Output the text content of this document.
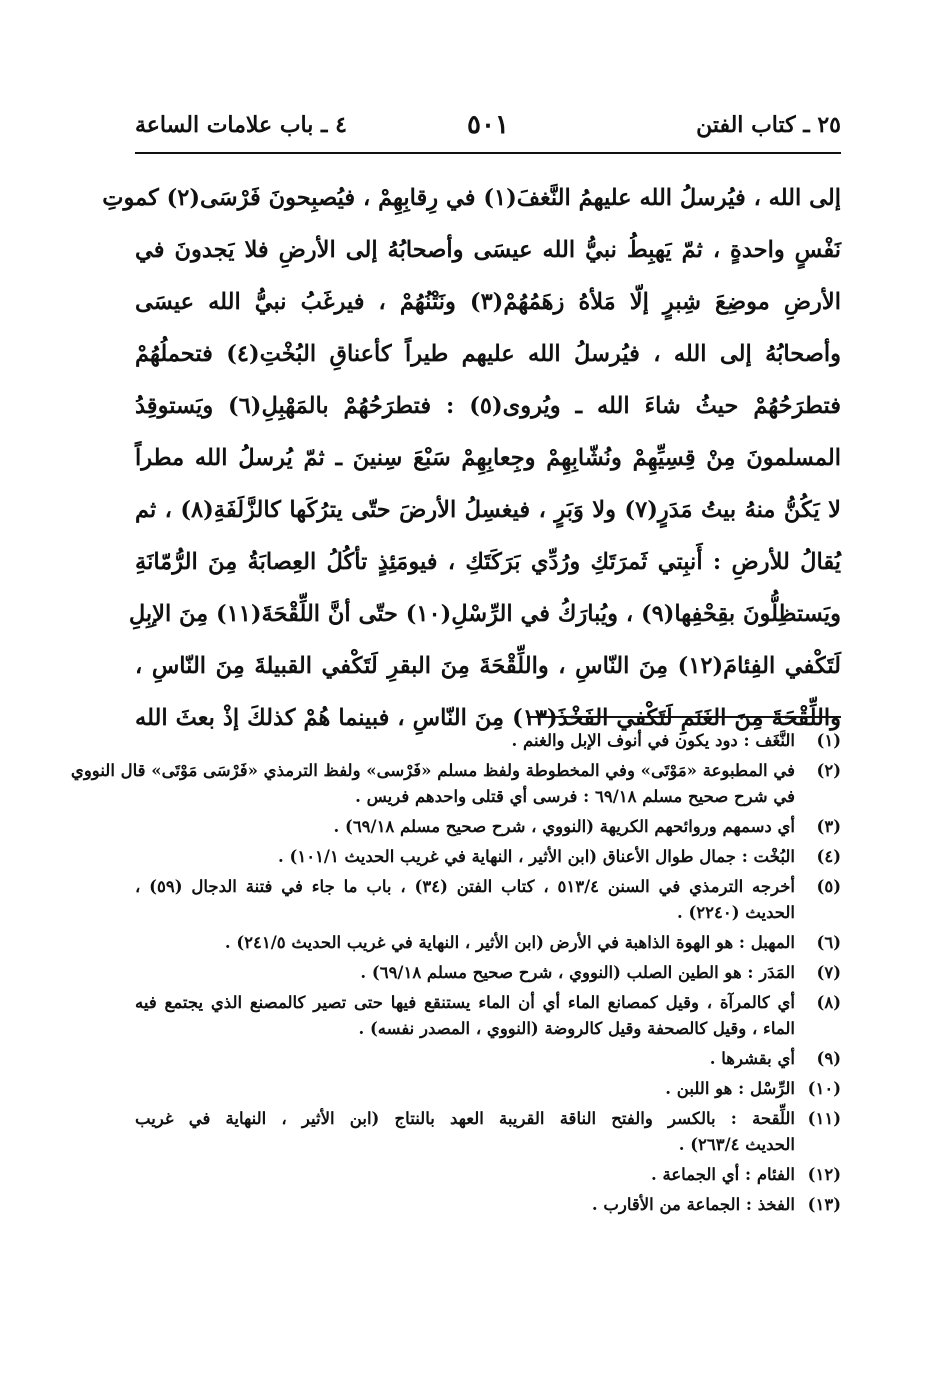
٢٥ ـ كتاب الفتن
٥٠١
٤ ـ باب علامات الساعة
إلى الله ، فيُرسلُ الله عليهمُ النَّغفَ(١) في رِقابِهِمْ ، فيُصبِحونَ فَرْسَى(٢) كموتِ
نَفْسٍ واحدةٍ ، ثمّ يَهبِطُ نبيُّ الله عيسَى وأصحابُهُ إلى الأرضِ فلا يَجدونَ في
الأرضِ موضِعَ شِبرٍ إلّا مَلأهُ زهَمُهُمْ(٣) ونَتْنُهُمْ ، فيرغَبُ نبيُّ الله عيسَى
وأصحابُهُ إلى الله ، فيُرسلُ الله عليهم طيراً كأعناقِ البُخْتِ(٤) فتحملُهُمْ
فتطرَحُهُمْ حيثُ شاءَ الله ـ ويُروى(٥) : فتطرَحُهُمْ بالمَهْبِلِ(٦) ويَستوقِدُ
المسلمونَ مِنْ قِسِيِّهِمْ ونُشّابِهِمْ وجِعابِهِمْ سَبْعَ سِنينَ ـ ثمّ يُرسلُ الله مطراً
لا يَكُنُّ منهُ بيتُ مَدَرٍ(٧) ولا وَبَرٍ ، فيغسِلُ الأرضَ حتّى يترُكَها كالزَّلَفَةِ(٨) ، ثم
يُقالُ للأرضِ : أَنبِتي ثَمرَتَكِ ورُدِّي بَرَكَتَكِ ، فيومَئِذٍ تأكُلُ العِصابَةُ مِنَ الرُّمّانَةِ
ويَستظِلُّونَ بقِحْفِها(٩) ، ويُبارَكُ في الرِّسْلِ(١٠) حتّى أنَّ اللِّقْحَةَ(١١) مِنَ الإبِلِ
لَتَكْفي الفِئامَ(١٢) مِنَ النّاسِ ، واللِّقْحَةَ مِنَ البقرِ لَتَكْفي القبيلةَ مِنَ النّاسِ ،
واللِّقْحَةَ مِنَ الغَنَمِ لَتَكْفي الفَخْذَ(١٣) مِنَ النّاسِ ، فبينما هُمْ كذلكَ إذْ بعثَ الله
(١)
النَّغَف : دود يكون في أنوف الإبل والغنم .
(٢)
في المطبوعة «مَوْتَى» وفي المخطوطة ولفظ مسلم «فَرْسى» ولفظ الترمذي «فَرْسَى مَوْتَى» قال النووي
في شرح صحيح مسلم ٦٩/١٨ : فرسى أي قتلى واحدهم فريس .
(٣)
أي دسمهم وروائحهم الكريهة (النووي ، شرح صحيح مسلم ٦٩/١٨) .
(٤)
البُخْت : جمال طوال الأعناق (ابن الأثير ، النهاية في غريب الحديث ١٠١/١) .
(٥)
أخرجه الترمذي في السنن ٥١٣/٤ ، كتاب الفتن (٣٤) ، باب ما جاء في فتنة الدجال (٥٩) ،
الحديث (٢٢٤٠) .
(٦)
المهبل : هو الهوة الذاهبة في الأرض (ابن الأثير ، النهاية في غريب الحديث ٢٤١/٥) .
(٧)
المَدَر : هو الطين الصلب (النووي ، شرح صحيح مسلم ٦٩/١٨) .
(٨)
أي كالمرآة ، وقيل كمصانع الماء أي أن الماء يستنقع فيها حتى تصير كالمصنع الذي يجتمع فيه
الماء ، وقيل كالصحفة وقيل كالروضة (النووي ، المصدر نفسه) .
(٩)
أي بقشرها .
(١٠)
الرِّسْل : هو اللبن .
(١١)
اللِّقحة : بالكسر والفتح الناقة القريبة العهد بالنتاج (ابن الأثير ، النهاية في غريب
الحديث ٢٦٣/٤) .
(١٢)
الفئام : أي الجماعة .
(١٣)
الفخذ : الجماعة من الأقارب .
